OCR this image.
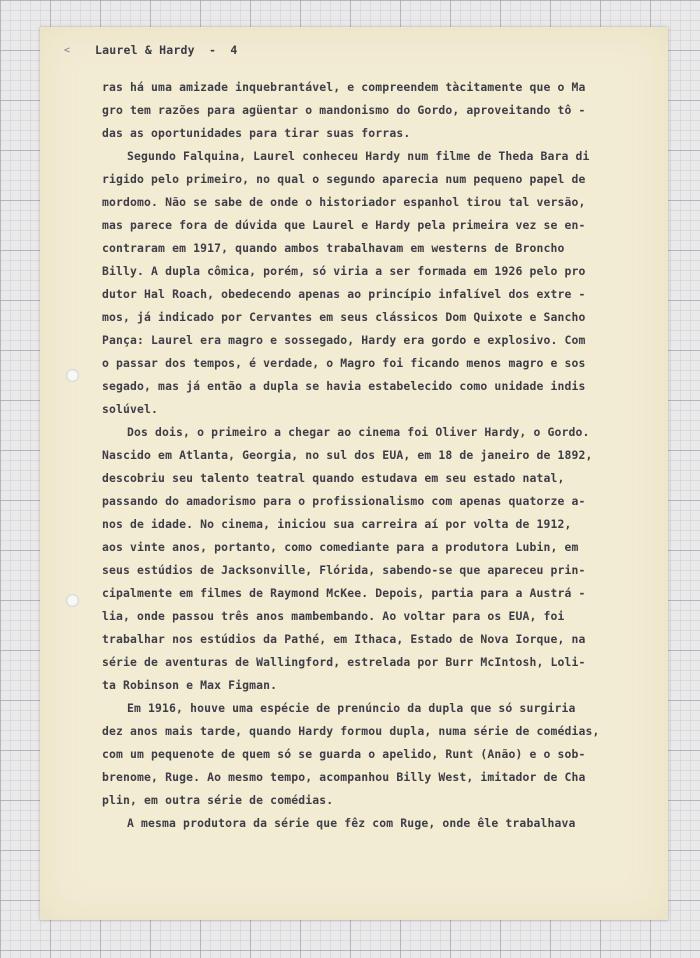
< Laurel & Hardy  -  4
ras há uma amizade inquebrantável, e compreendem tàcitamente que o Ma
gro tem razões para agüentar o mandonismo do Gordo, aproveitando tô -
das as oportunidades para tirar suas forras.
Segundo Falquina, Laurel conheceu Hardy num filme de Theda Bara di
rigido pelo primeiro, no qual o segundo aparecia num pequeno papel de
mordomo. Não se sabe de onde o historiador espanhol tirou tal versão,
mas parece fora de dúvida que Laurel e Hardy pela primeira vez se en-
contraram em 1917, quando ambos trabalhavam em westerns de Broncho
Billy. A dupla cômica, porém, só viria a ser formada em 1926 pelo pro
dutor Hal Roach, obedecendo apenas ao princípio infalível dos extre -
mos, já indicado por Cervantes em seus clássicos Dom Quixote e Sancho
Pança: Laurel era magro e sossegado, Hardy era gordo e explosivo. Com
o passar dos tempos, é verdade, o Magro foi ficando menos magro e sos
segado, mas já então a dupla se havia estabelecido como unidade indis
solúvel.
Dos dois, o primeiro a chegar ao cinema foi Oliver Hardy, o Gordo.
Nascido em Atlanta, Georgia, no sul dos EUA, em 18 de janeiro de 1892,
descobriu seu talento teatral quando estudava em seu estado natal,
passando do amadorismo para o profissionalismo com apenas quatorze a-
nos de idade. No cinema, iniciou sua carreira aí por volta de 1912,
aos vinte anos, portanto, como comediante para a produtora Lubin, em
seus estúdios de Jacksonville, Flórida, sabendo-se que apareceu prin-
cipalmente em filmes de Raymond McKee. Depois, partia para a Austrá -
lia, onde passou três anos mambembando. Ao voltar para os EUA, foi
trabalhar nos estúdios da Pathé, em Ithaca, Estado de Nova Iorque, na
série de aventuras de Wallingford, estrelada por Burr McIntosh, Loli-
ta Robinson e Max Figman.
Em 1916, houve uma espécie de prenúncio da dupla que só surgiria
dez anos mais tarde, quando Hardy formou dupla, numa série de comédias,
com um pequenote de quem só se guarda o apelido, Runt (Anão) e o sob-
brenome, Ruge. Ao mesmo tempo, acompanhou Billy West, imitador de Cha
plin, em outra série de comédias.
A mesma produtora da série que fêz com Ruge, onde êle trabalhava
